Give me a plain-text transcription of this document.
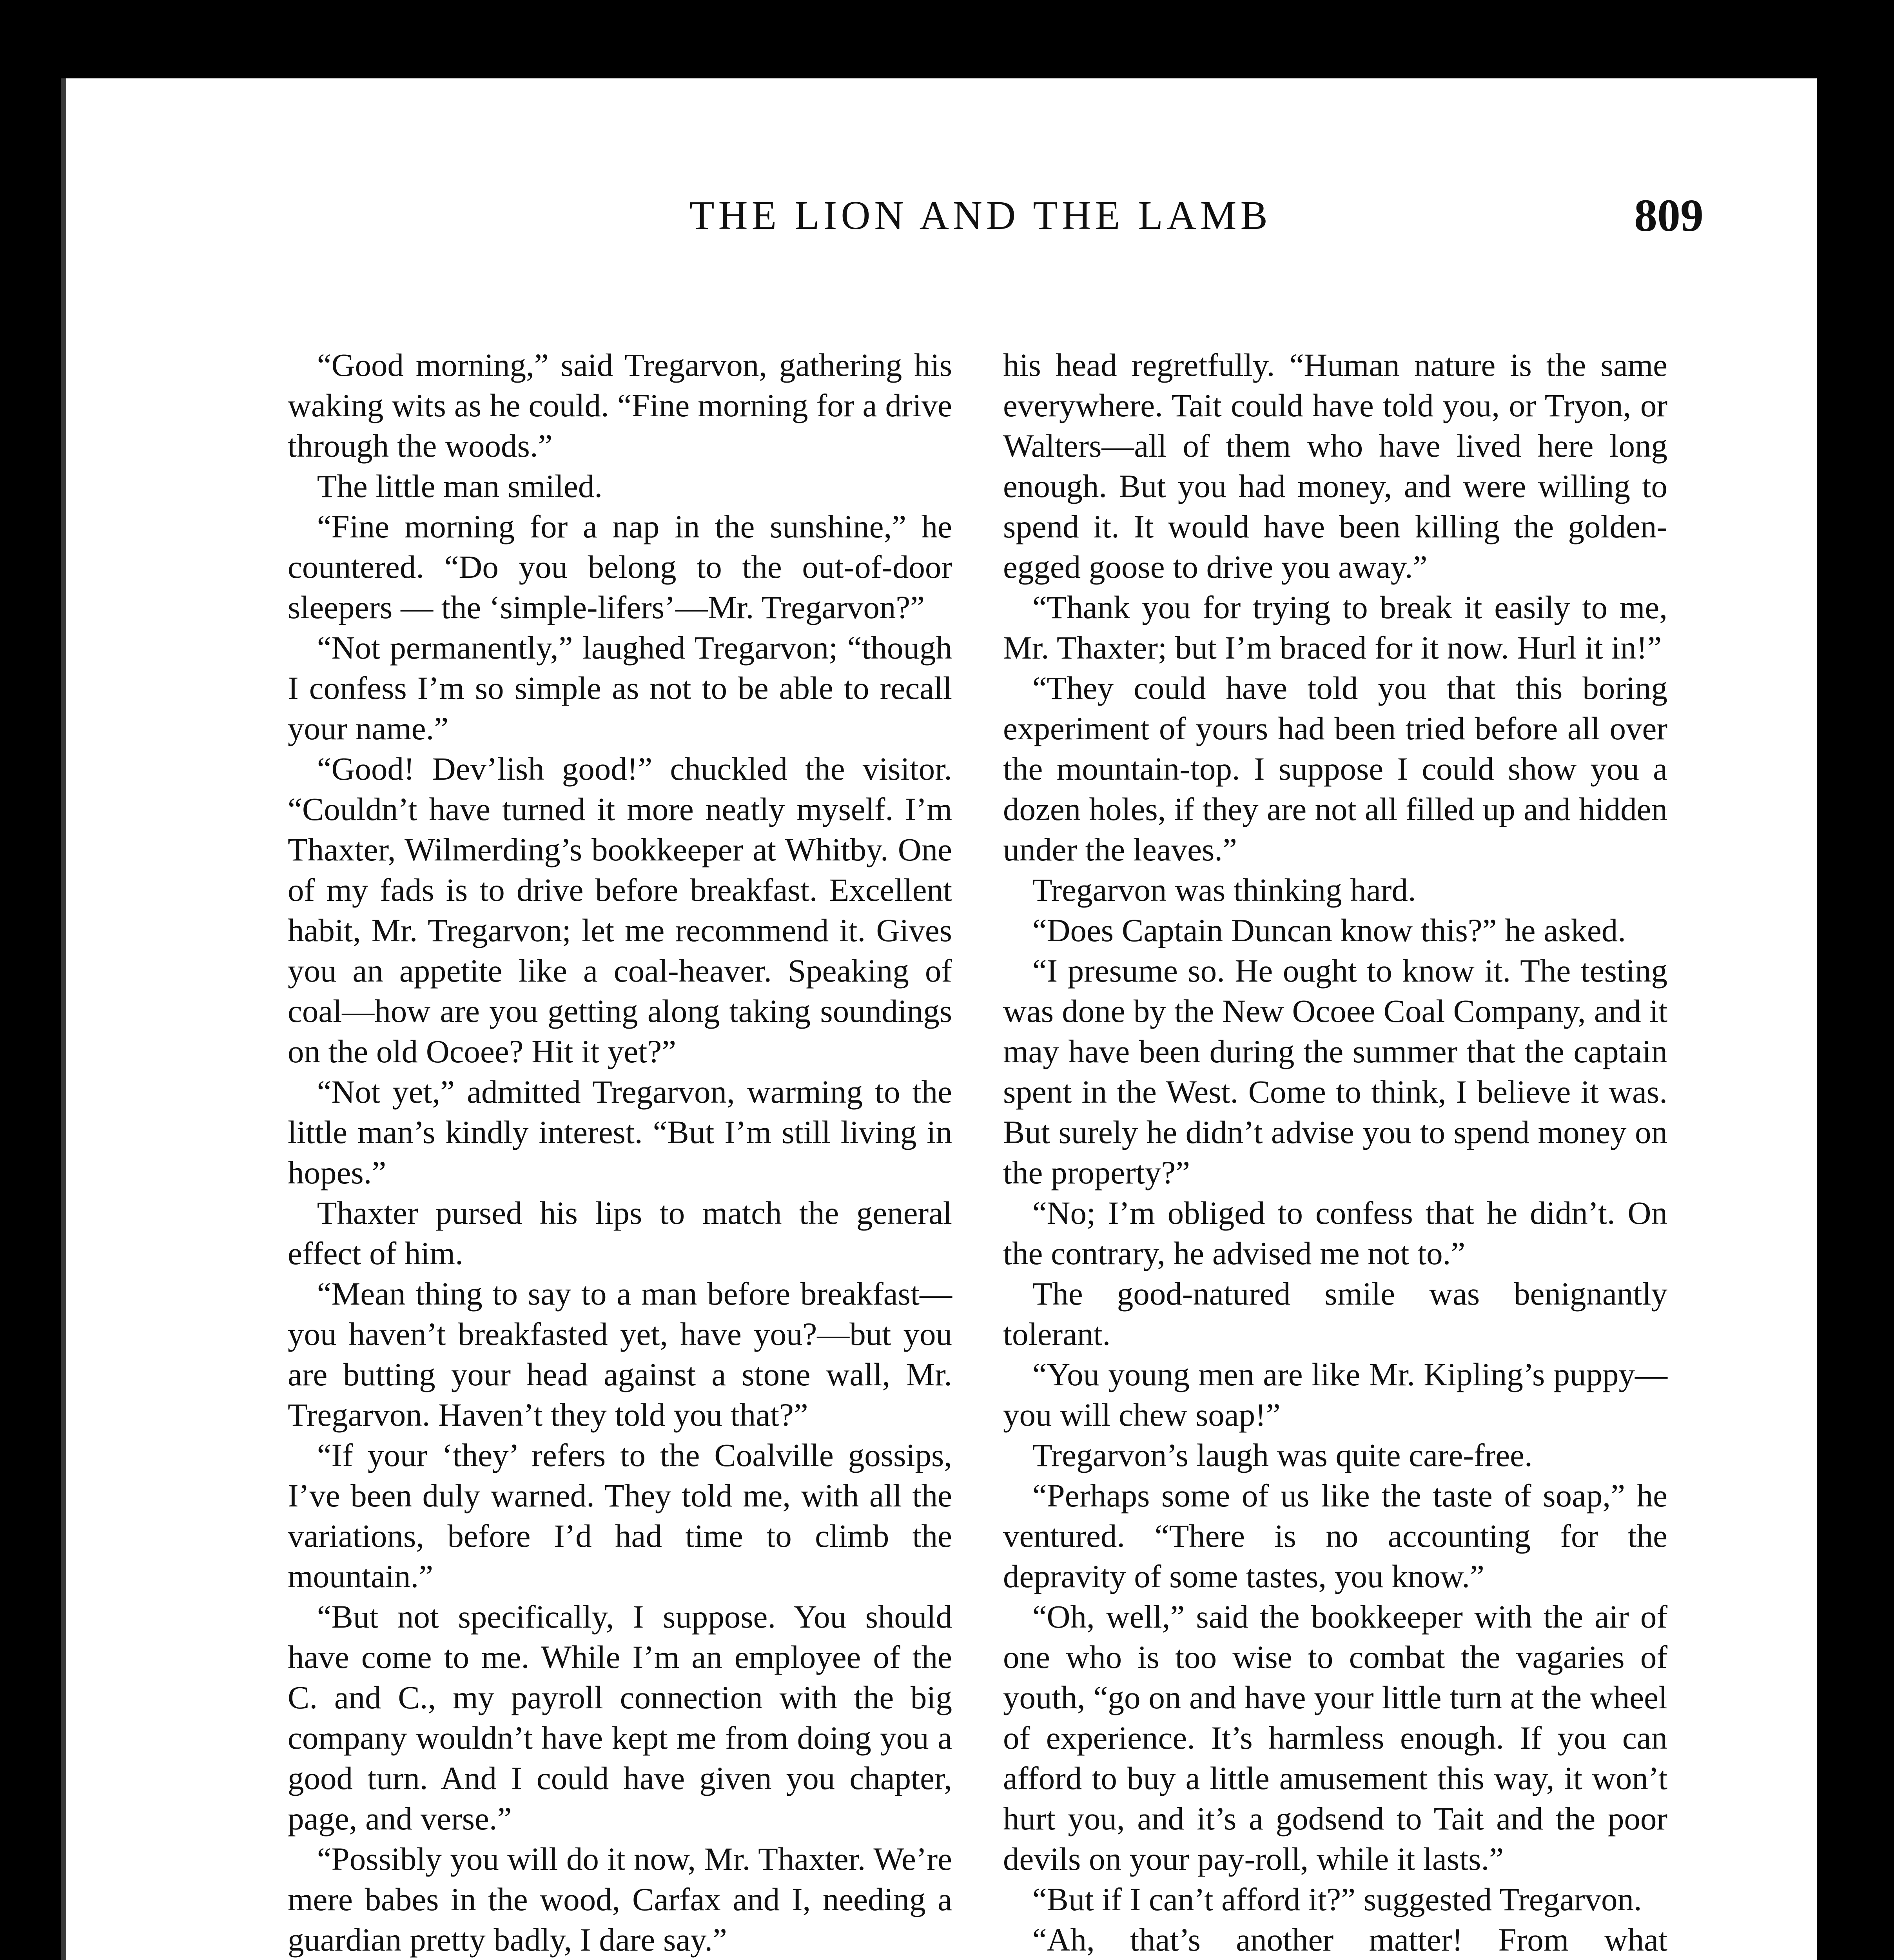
THE LION AND THE LAMB	809

“Good morning,” said Tregarvon, gathering his waking wits as he could. “Fine morning for a drive through the woods.”

The little man smiled.

“Fine morning for a nap in the sunshine,” he countered. “Do you belong to the out-of-door sleepers — the ‘simple-lifers’—Mr. Tregarvon?”

“Not permanently,” laughed Tregarvon; “though I confess I’m so simple as not to be able to recall your name.”

“Good! Dev’lish good!” chuckled the visitor. “Couldn’t have turned it more neatly myself. I’m Thaxter, Wilmerding’s bookkeeper at Whitby. One of my fads is to drive before breakfast. Excellent habit, Mr. Tregarvon; let me recommend it. Gives you an appetite like a coal-heaver. Speaking of coal—how are you getting along taking soundings on the old Ocoee? Hit it yet?”

“Not yet,” admitted Tregarvon, warming to the little man’s kindly interest. “But I’m still living in hopes.”

Thaxter pursed his lips to match the general effect of him.

“Mean thing to say to a man before breakfast—you haven’t breakfasted yet, have you?—but you are butting your head against a stone wall, Mr. Tregarvon. Haven’t they told you that?”

“If your ‘they’ refers to the Coalville gossips, I’ve been duly warned. They told me, with all the variations, before I’d had time to climb the mountain.”

“But not specifically, I suppose. You should have come to me. While I’m an employee of the C. and C., my payroll connection with the big company wouldn’t have kept me from doing you a good turn. And I could have given you chapter, page, and verse.”

“Possibly you will do it now, Mr. Thaxter. We’re mere babes in the wood, Carfax and I, needing a guardian pretty badly, I dare say.”

his head regretfully. “Human nature is the same everywhere. Tait could have told you, or Tryon, or Walters—all of them who have lived here long enough. But you had money, and were willing to spend it. It would have been killing the golden-egged goose to drive you away.”

“Thank you for trying to break it easily to me, Mr. Thaxter; but I’m braced for it now. Hurl it in!”

“They could have told you that this boring experiment of yours had been tried before all over the mountain-top. I suppose I could show you a dozen holes, if they are not all filled up and hidden under the leaves.”

Tregarvon was thinking hard.

“Does Captain Duncan know this?” he asked.

“I presume so. He ought to know it. The testing was done by the New Ocoee Coal Company, and it may have been during the summer that the captain spent in the West. Come to think, I believe it was. But surely he didn’t advise you to spend money on the property?”

“No; I’m obliged to confess that he didn’t. On the contrary, he advised me not to.”

The good-natured smile was benignantly tolerant.

“You young men are like Mr. Kipling’s puppy—you will chew soap!”

Tregarvon’s laugh was quite care-free.

“Perhaps some of us like the taste of soap,” he ventured. “There is no accounting for the depravity of some tastes, you know.”

“Oh, well,” said the bookkeeper with the air of one who is too wise to combat the vagaries of youth, “go on and have your little turn at the wheel of experience. It’s harmless enough. If you can afford to buy a little amusement this way, it won’t hurt you, and it’s a godsend to Tait and the poor devils on your pay-roll, while it lasts.”

“But if I can’t afford it?” suggested Tregarvon.

“Ah, that’s another matter! From what
